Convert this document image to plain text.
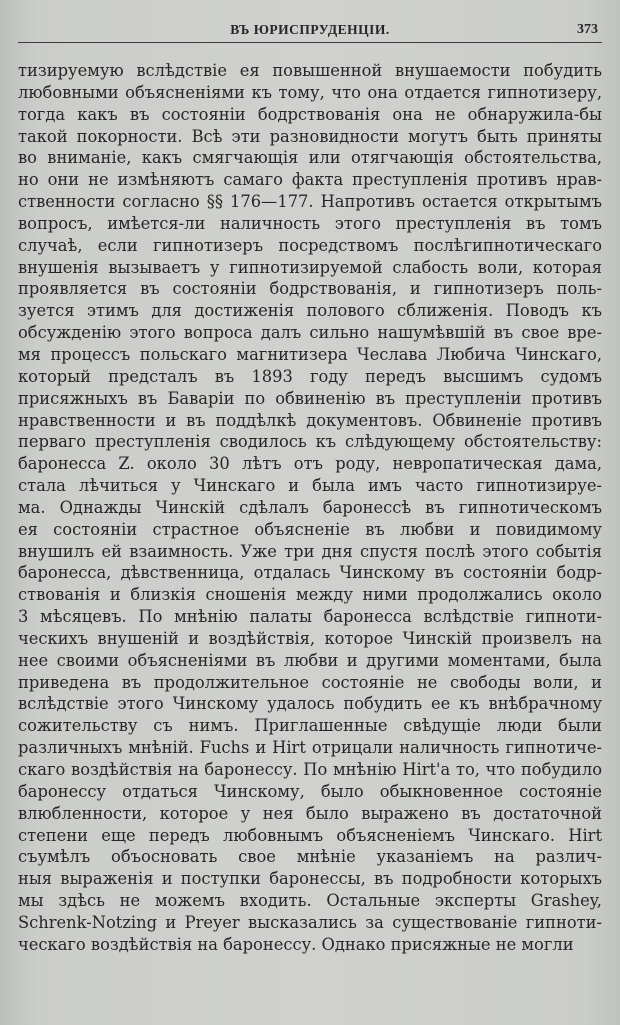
ВЪ ЮРИСПРУДЕНЦІИ.	373
тизируемую вслѣдствіе ея повышенной внушаемости побудить
любовными объясненіями къ тому, что она отдается гипнотизеру,
тогда какъ въ состояніи бодрствованія она не обнаружила-бы
такой покорности. Всѣ эти разновидности могутъ быть приняты
во вниманіе, какъ смягчающія или отягчающія обстоятельства,
но они не измѣняютъ самаго факта преступленія противъ нрав-
ственности согласно §§ 176—177. Напротивъ остается открытымъ
вопросъ, имѣется-ли наличность этого преступленія въ томъ
случаѣ, если гипнотизеръ посредствомъ послѣгипнотическаго
внушенія вызываетъ у гипнотизируемой слабость воли, которая
проявляется въ состояніи бодрствованія, и гипнотизеръ поль-
зуется этимъ для достиженія полового сближенія. Поводъ къ
обсужденію этого вопроса далъ сильно нашумѣвшій въ свое вре-
мя процессъ польскаго магнитизера Чеслава Любича Чинскаго,
который предсталъ въ 1893 году передъ высшимъ судомъ
присяжныхъ въ Баваріи по обвиненію въ преступленіи противъ
нравственности и въ поддѣлкѣ документовъ. Обвиненіе противъ
перваго преступленія сводилось къ слѣдующему обстоятельству:
баронесса Z. около 30 лѣтъ отъ роду, невропатическая дама,
стала лѣчиться у Чинскаго и была имъ часто гипнотизируе-
ма. Однажды Чинскій сдѣлалъ баронессѣ въ гипнотическомъ
ея состояніи страстное объясненіе въ любви и повидимому
внушилъ ей взаимность. Уже три дня спустя послѣ этого событія
баронесса, дѣвственница, отдалась Чинскому въ состояніи бодр-
ствованія и близкія сношенія между ними продолжались около
3 мѣсяцевъ. По мнѣнію палаты баронесса вслѣдствіе гипноти-
ческихъ внушеній и воздѣйствія, которое Чинскій произвелъ на
нее своими объясненіями въ любви и другими моментами, была
приведена въ продолжительное состояніе не свободы воли, и
вслѣдствіе этого Чинскому удалось побудить ее къ внѣбрачному
сожительству съ нимъ. Приглашенные свѣдущіе люди были
различныхъ мнѣній. Fuchs и Hirt отрицали наличность гипнотиче-
скаго воздѣйствія на баронессу. По мнѣнію Hirt'а то, что побудило
баронессу отдаться Чинскому, было обыкновенное состояніе
влюбленности, которое у нея было выражено въ достаточной
степени еще передъ любовнымъ объясненіемъ Чинскаго. Hirt
съумѣлъ объосновать свое мнѣніе указаніемъ на различ-
ныя выраженія и поступки баронессы, въ подробности которыхъ
мы здѣсь не можемъ входить. Остальные эксперты Grashey,
Schrenk-Notzing и Preyer высказались за существованіе гипноти-
ческаго воздѣйствія на баронессу. Однако присяжные не могли
